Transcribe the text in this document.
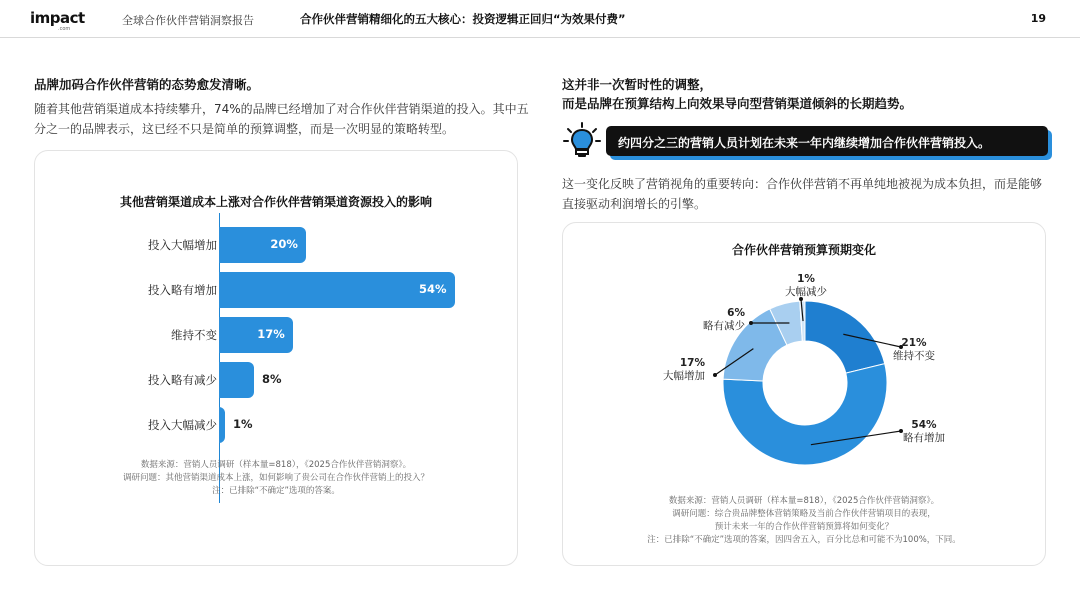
impact
.com
全球合作伙伴营销洞察报告	合作伙伴营销精细化的五大核心：投资逻辑正回归“为效果付费”	19
品牌加码合作伙伴营销的态势愈发清晰。
随着其他营销渠道成本持续攀升，74%的品牌已经增加了对合作伙伴营销渠道的投入。其中五分之一的品牌表示，这已经不只是简单的预算调整，而是一次明显的策略转型。
其他营销渠道成本上涨对合作伙伴营销渠道资源投入的影响
投入大幅增加	20%
投入略有增加	54%
维持不变	17%
投入略有减少	8%
投入大幅减少 1%
数据来源：营销人员调研（样本量=818），《2025合作伙伴营销洞察》。
调研问题：其他营销渠道成本上涨，如何影响了贵公司在合作伙伴营销上的投入？
注：已排除“不确定”选项的答案。
这并非一次暂时性的调整，
而是品牌在预算结构上向效果导向型营销渠道倾斜的长期趋势。
约四分之三的营销人员计划在未来一年内继续增加合作伙伴营销投入。
这一变化反映了营销视角的重要转向：合作伙伴营销不再单纯地被视为成本负担，而是能够直接驱动利润增长的引擎。
合作伙伴营销预算预期变化
21%
维持不变
54%
略有增加
17%
大幅增加
6%
略有减少
1%
大幅减少
数据来源：营销人员调研（样本量=818），《2025合作伙伴营销洞察》。
调研问题：综合贵品牌整体营销策略及当前合作伙伴营销项目的表现，
预计未来一年的合作伙伴营销预算将如何变化？
注：已排除“不确定”选项的答案，因四舍五入，百分比总和可能不为100%，下同。
